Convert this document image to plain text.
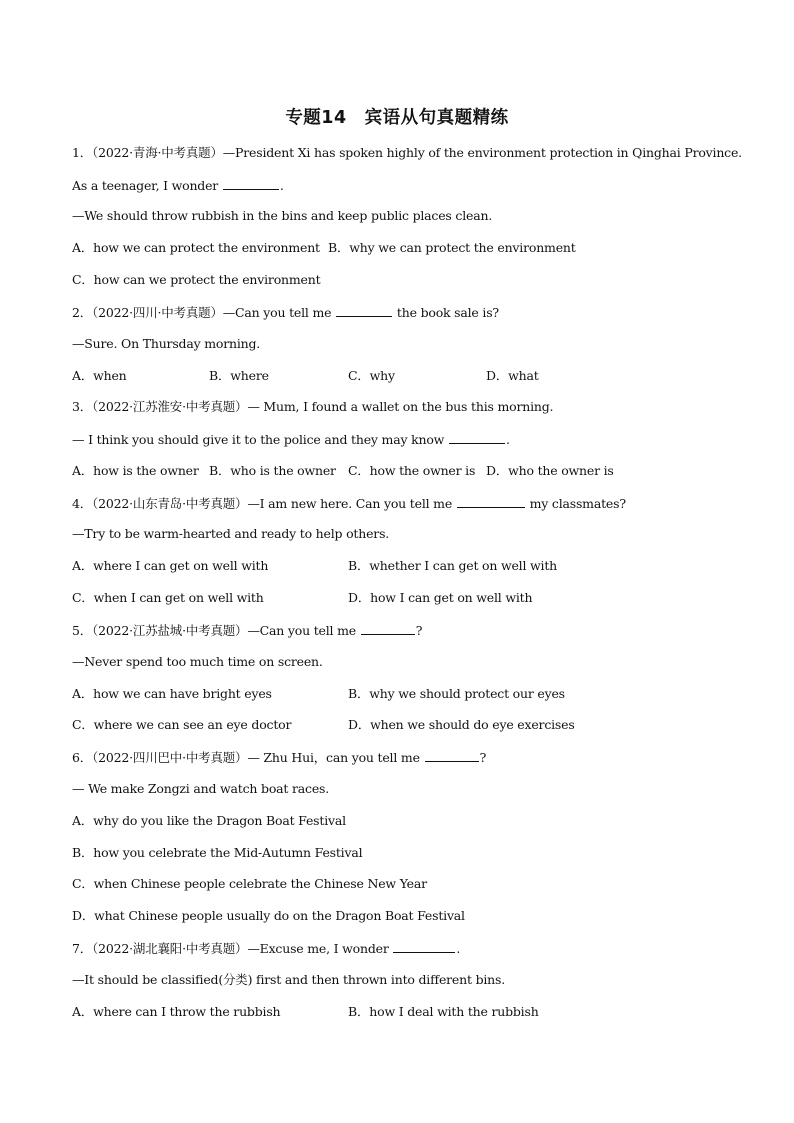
专题14　宾语从句真题精练
1．（2022·青海·中考真题）—President Xi has spoken highly of the environment protection in Qinghai Province.
As a teenager, I wonder	.
—We should throw rubbish in the bins and keep public places clean.
A．how we can protect the environment B．why we can protect the environment
C．how can we protect the environment
2．（2022·四川·中考真题）—Can you tell me	the book sale is?
—Sure. On Thursday morning.
A．when	B．where	C．why	D．what
3．（2022·江苏淮安·中考真题）— Mum, I found a wallet on the bus this morning.
— I think you should give it to the police and they may know	.
A．how is the owner B．who is the owner C．how the owner is D．who the owner is
4．（2022·山东青岛·中考真题）—I am new here. Can you tell me	my classmates?
—Try to be warm-hearted and ready to help others.
A．where I can get on well with	B．whether I can get on well with
C．when I can get on well with	D．how I can get on well with
5．（2022·江苏盐城·中考真题）—Can you tell me	?
—Never spend too much time on screen.
A．how we can have bright eyes	B．why we should protect our eyes
C．where we can see an eye doctor	D．when we should do eye exercises
6．（2022·四川巴中·中考真题）— Zhu Hui，can you tell me	?
— We make Zongzi and watch boat races.
A．why do you like the Dragon Boat Festival
B．how you celebrate the Mid-Autumn Festival
C．when Chinese people celebrate the Chinese New Year
D．what Chinese people usually do on the Dragon Boat Festival
7．（2022·湖北襄阳·中考真题）—Excuse me, I wonder	.
—It should be classified(分类) first and then thrown into different bins.
A．where can I throw the rubbish	B．how I deal with the rubbish
